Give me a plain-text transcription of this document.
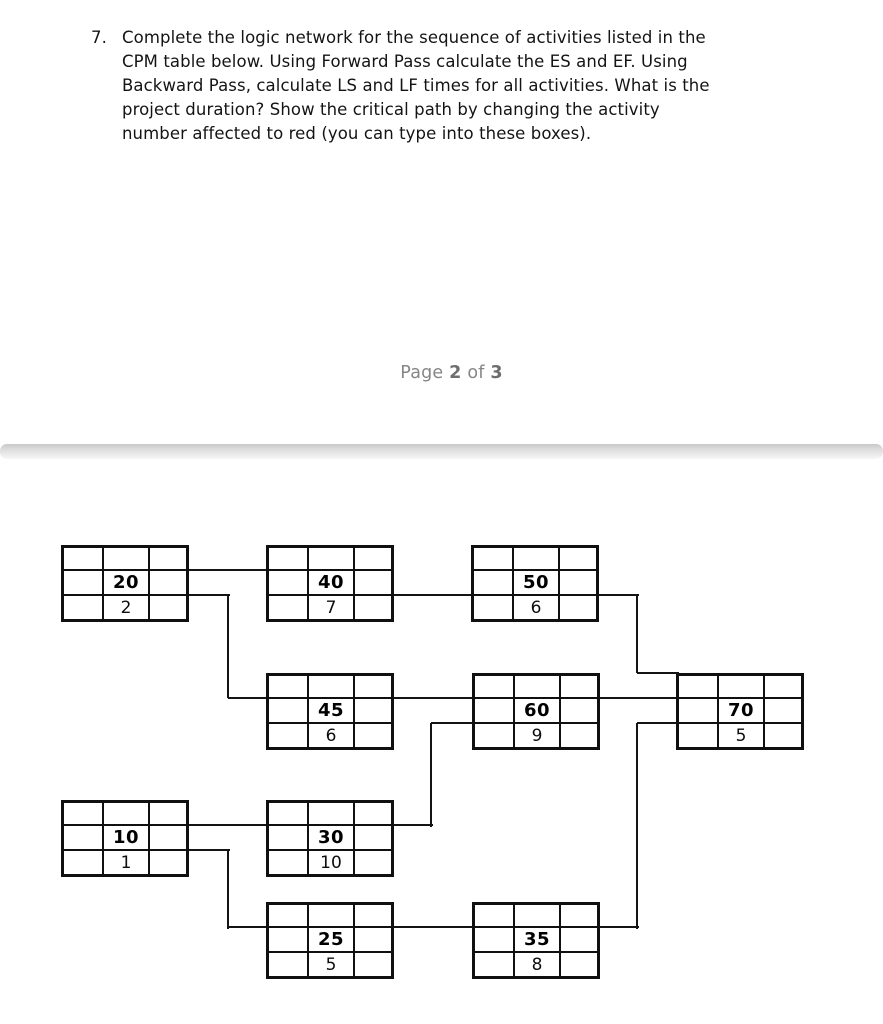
7. Complete the logic network for the sequence of activities listed in the
CPM table below. Using Forward Pass calculate the ES and EF. Using
Backward Pass, calculate LS and LF times for all activities. What is the
project duration? Show the critical path by changing the activity
number affected to red (you can type into these boxes).
Page 2 of 3
20
2
40
7
50
6
45
6
60
9
70
5
10
1
30
10
25
5
35
8
